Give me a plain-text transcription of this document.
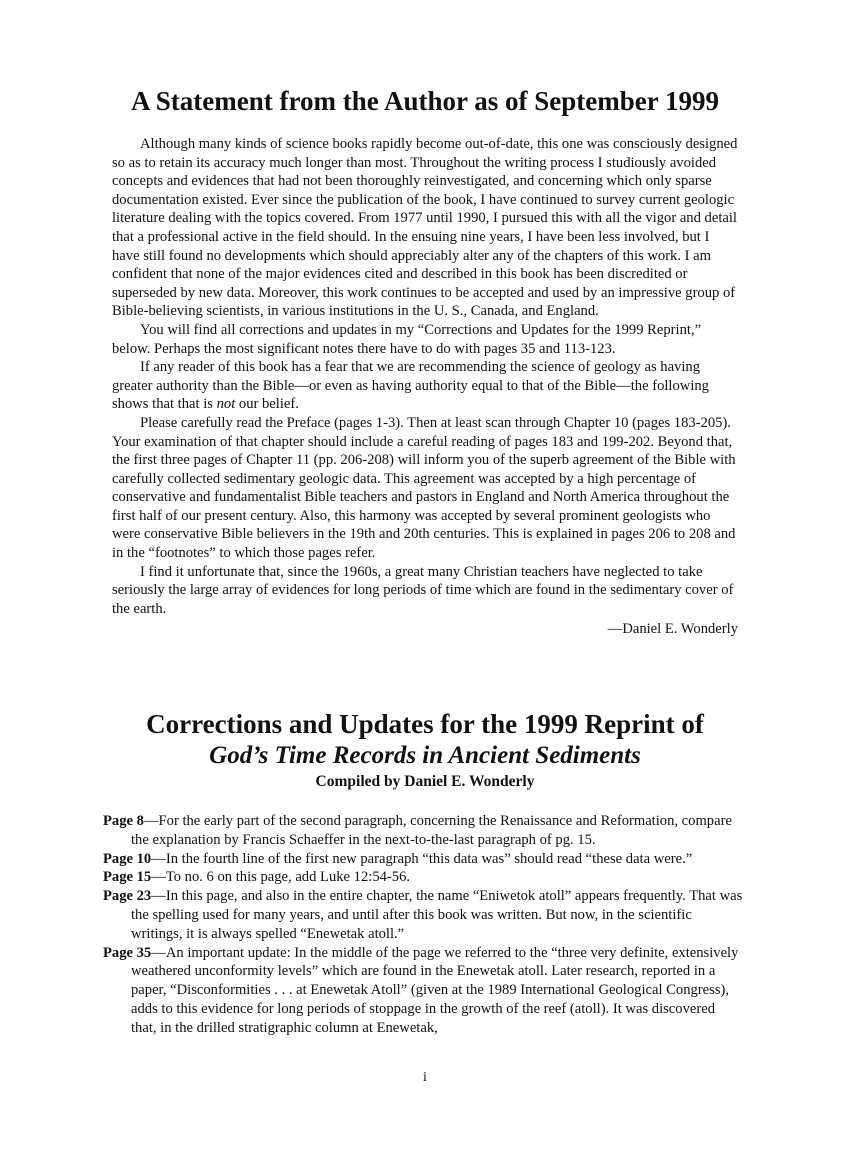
A Statement from the Author as of September 1999

Although many kinds of science books rapidly become out-of-date, this one was consciously designed so as to retain its accuracy much longer than most. Throughout the writing process I studiously avoided concepts and evidences that had not been thoroughly reinvestigated, and concerning which only sparse documentation existed. Ever since the publication of the book, I have continued to survey current geologic literature dealing with the topics covered. From 1977 until 1990, I pursued this with all the vigor and detail that a professional active in the field should. In the ensuing nine years, I have been less involved, but I have still found no developments which should appreciably alter any of the chapters of this work. I am confident that none of the major evidences cited and described in this book has been discredited or superseded by new data. Moreover, this work continues to be accepted and used by an impressive group of Bible-believing scientists, in various institutions in the U. S., Canada, and England.

You will find all corrections and updates in my “Corrections and Updates for the 1999 Reprint,” below. Perhaps the most significant notes there have to do with pages 35 and 113-123.

If any reader of this book has a fear that we are recommending the science of geology as having greater authority than the Bible—or even as having authority equal to that of the Bible—the following shows that that is not our belief.

Please carefully read the Preface (pages 1-3). Then at least scan through Chapter 10 (pages 183-205). Your examination of that chapter should include a careful reading of pages 183 and 199-202. Beyond that, the first three pages of Chapter 11 (pp. 206-208) will inform you of the superb agreement of the Bible with carefully collected sedimentary geologic data. This agreement was accepted by a high percentage of conservative and fundamentalist Bible teachers and pastors in England and North America throughout the first half of our present century. Also, this harmony was accepted by several prominent geologists who were conservative Bible believers in the 19th and 20th centuries. This is explained in pages 206 to 208 and in the “footnotes” to which those pages refer.

I find it unfortunate that, since the 1960s, a great many Christian teachers have neglected to take seriously the large array of evidences for long periods of time which are found in the sedimentary cover of the earth.

—Daniel E. Wonderly

Corrections and Updates for the 1999 Reprint of
God’s Time Records in Ancient Sediments
Compiled by Daniel E. Wonderly

Page 8—For the early part of the second paragraph, concerning the Renaissance and Reformation, compare the explanation by Francis Schaeffer in the next-to-the-last paragraph of pg. 15.

Page 10—In the fourth line of the first new paragraph “this data was” should read “these data were.”

Page 15—To no. 6 on this page, add Luke 12:54-56.

Page 23—In this page, and also in the entire chapter, the name “Eniwetok atoll” appears frequently. That was the spelling used for many years, and until after this book was written. But now, in the scientific writings, it is always spelled “Enewetak atoll.”

Page 35—An important update: In the middle of the page we referred to the “three very definite, extensively weathered unconformity levels” which are found in the Enewetak atoll. Later research, reported in a paper, “Disconformities . . . at Enewetak Atoll” (given at the 1989 International Geological Congress), adds to this evidence for long periods of stoppage in the growth of the reef (atoll). It was discovered that, in the drilled stratigraphic column at Enewetak,

i
